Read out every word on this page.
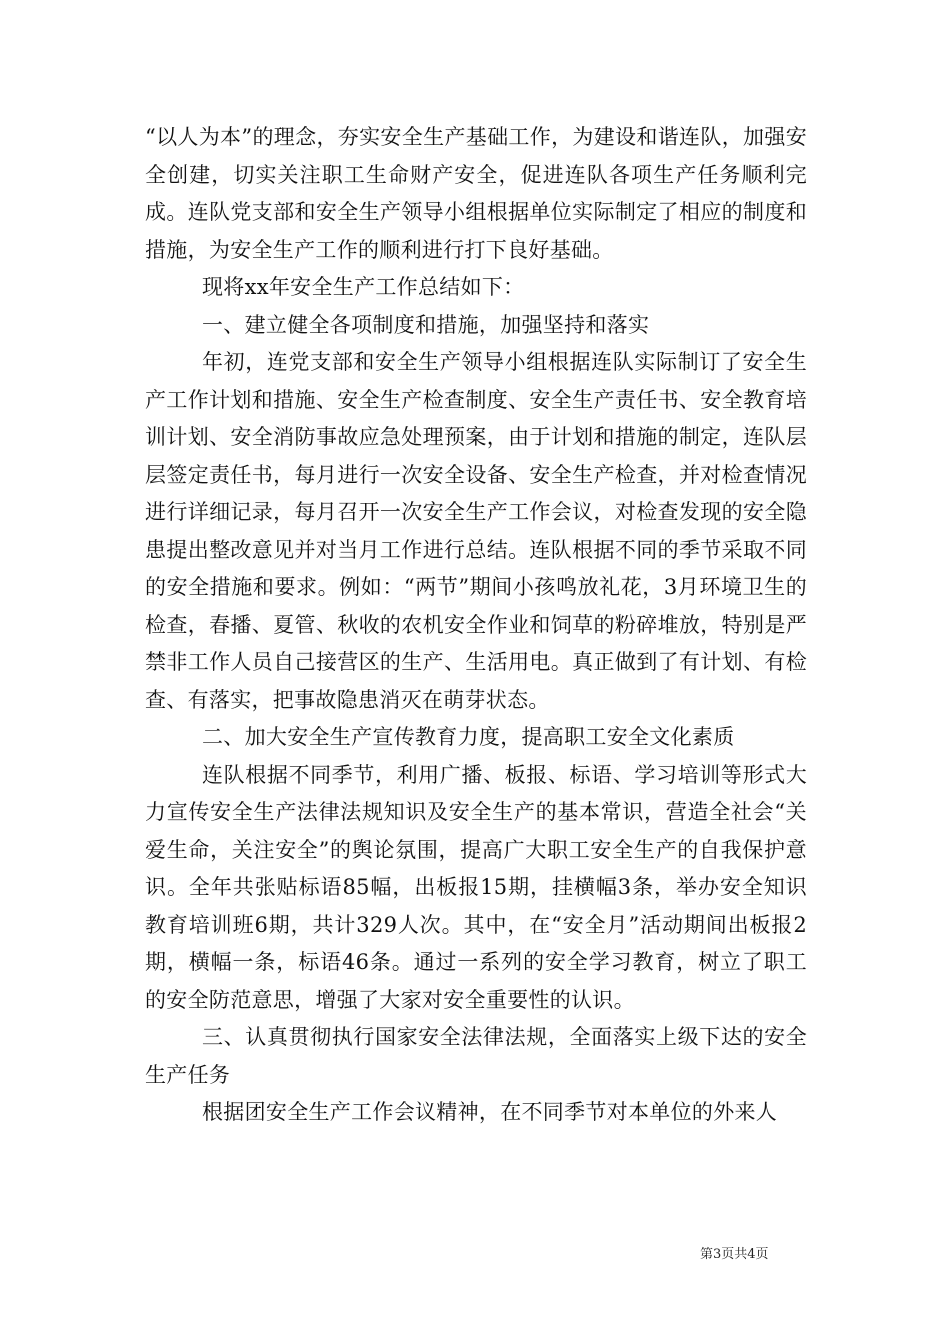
“以人为本”的理念，夯实安全生产基础工作，为建设和谐连队，加强安全创建，切实关注职工生命财产安全，促进连队各项生产任务顺利完成。连队党支部和安全生产领导小组根据单位实际制定了相应的制度和措施，为安全生产工作的顺利进行打下良好基础。

现将xx年安全生产工作总结如下：

一、建立健全各项制度和措施，加强坚持和落实

年初，连党支部和安全生产领导小组根据连队实际制订了安全生产工作计划和措施、安全生产检查制度、安全生产责任书、安全教育培训计划、安全消防事故应急处理预案，由于计划和措施的制定，连队层层签定责任书，每月进行一次安全设备、安全生产检查，并对检查情况进行详细记录，每月召开一次安全生产工作会议，对检查发现的安全隐患提出整改意见并对当月工作进行总结。连队根据不同的季节采取不同的安全措施和要求。例如：“两节”期间小孩鸣放礼花，3月环境卫生的检查，春播、夏管、秋收的农机安全作业和饲草的粉碎堆放，特别是严禁非工作人员自己接营区的生产、生活用电。真正做到了有计划、有检查、有落实，把事故隐患消灭在萌芽状态。

二、加大安全生产宣传教育力度，提高职工安全文化素质

连队根据不同季节，利用广播、板报、标语、学习培训等形式大力宣传安全生产法律法规知识及安全生产的基本常识，营造全社会“关爱生命，关注安全”的舆论氛围，提高广大职工安全生产的自我保护意识。全年共张贴标语85幅，出板报15期，挂横幅3条，举办安全知识教育培训班6期，共计329人次。其中，在“安全月”活动期间出板报2期，横幅一条，标语46条。通过一系列的安全学习教育，树立了职工的安全防范意思，增强了大家对安全重要性的认识。

三、认真贯彻执行国家安全法律法规，全面落实上级下达的安全生产任务

根据团安全生产工作会议精神，在不同季节对本单位的外来人

第3页共4页
